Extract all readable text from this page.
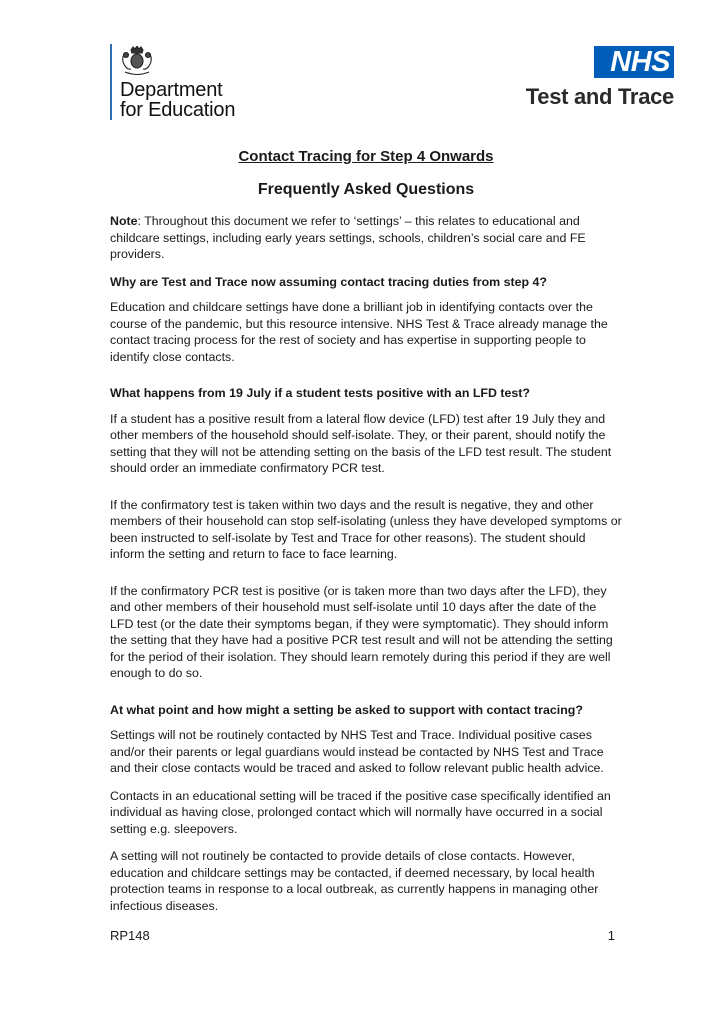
Department
for Education
NHS
Test and Trace
Contact Tracing for Step 4 Onwards
Frequently Asked Questions

Note: Throughout this document we refer to ‘settings’ – this relates to educational and childcare settings, including early years settings, schools, children’s social care and FE providers.

Why are Test and Trace now assuming contact tracing duties from step 4?

Education and childcare settings have done a brilliant job in identifying contacts over the course of the pandemic, but this resource intensive. NHS Test & Trace already manage the contact tracing process for the rest of society and has expertise in supporting people to identify close contacts.

What happens from 19 July if a student tests positive with an LFD test?

If a student has a positive result from a lateral flow device (LFD) test after 19 July they and other members of the household should self-isolate. They, or their parent, should notify the setting that they will not be attending setting on the basis of the LFD test result. The student should order an immediate confirmatory PCR test.

If the confirmatory test is taken within two days and the result is negative, they and other members of their household can stop self-isolating (unless they have developed symptoms or been instructed to self-isolate by Test and Trace for other reasons). The student should inform the setting and return to face to face learning.

If the confirmatory PCR test is positive (or is taken more than two days after the LFD), they and other members of their household must self-isolate until 10 days after the date of the LFD test (or the date their symptoms began, if they were symptomatic). They should inform the setting that they have had a positive PCR test result and will not be attending the setting for the period of their isolation. They should learn remotely during this period if they are well enough to do so.

At what point and how might a setting be asked to support with contact tracing?

Settings will not be routinely contacted by NHS Test and Trace. Individual positive cases and/or their parents or legal guardians would instead be contacted by NHS Test and Trace and their close contacts would be traced and asked to follow relevant public health advice.

Contacts in an educational setting will be traced if the positive case specifically identified an individual as having close, prolonged contact which will normally have occurred in a social setting e.g. sleepovers.

A setting will not routinely be contacted to provide details of close contacts. However, education and childcare settings may be contacted, if deemed necessary, by local health protection teams in response to a local outbreak, as currently happens in managing other infectious diseases.

RP148	1
